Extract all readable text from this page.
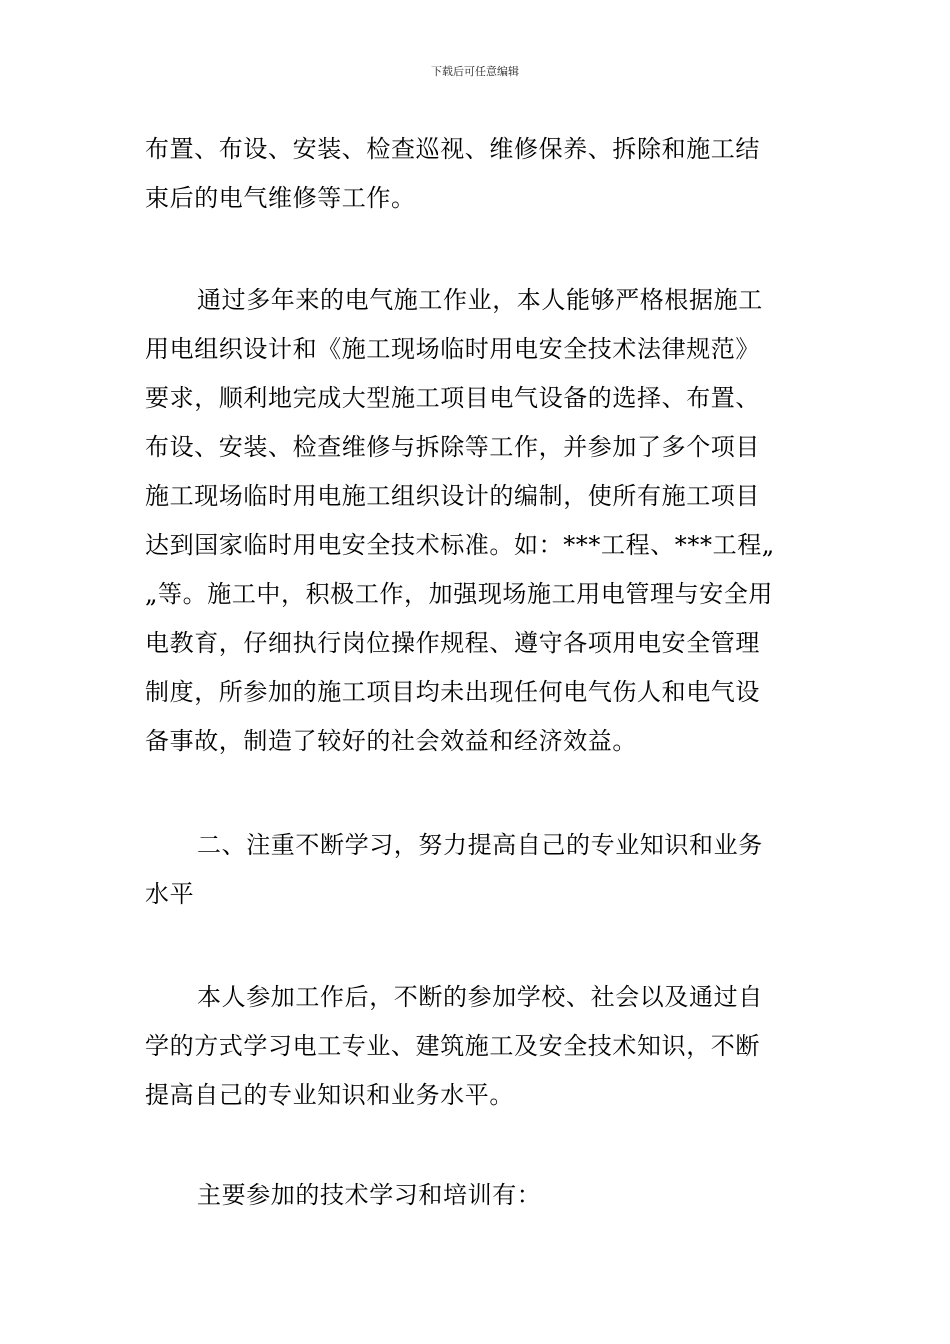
下载后可任意编辑
布置、布设、安装、检查巡视、维修保养、拆除和施工结
束后的电气维修等工作。
通过多年来的电气施工作业，本人能够严格根据施工
用电组织设计和《施工现场临时用电安全技术法律规范》
要求，顺利地完成大型施工项目电气设备的选择、布置、
布设、安装、检查维修与拆除等工作，并参加了多个项目
施工现场临时用电施工组织设计的编制，使所有施工项目
达到国家临时用电安全技术标准。如：***工程、***工程„
„等。施工中，积极工作，加强现场施工用电管理与安全用
电教育，仔细执行岗位操作规程、遵守各项用电安全管理
制度，所参加的施工项目均未出现任何电气伤人和电气设
备事故，制造了较好的社会效益和经济效益。
二、注重不断学习，努力提高自己的专业知识和业务
水平
本人参加工作后，不断的参加学校、社会以及通过自
学的方式学习电工专业、建筑施工及安全技术知识，不断
提高自己的专业知识和业务水平。
主要参加的技术学习和培训有：
